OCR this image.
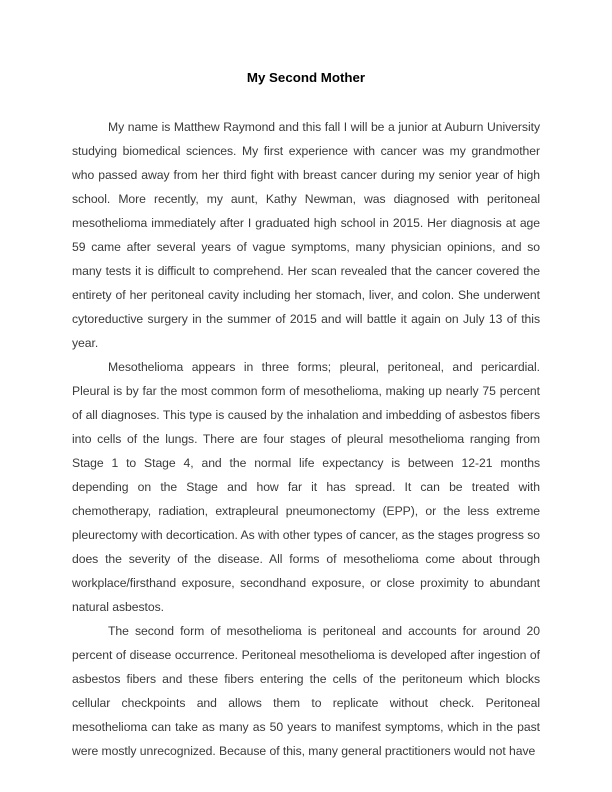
My Second Mother

My name is Matthew Raymond and this fall I will be a junior at Auburn University studying biomedical sciences. My first experience with cancer was my grandmother who passed away from her third fight with breast cancer during my senior year of high school. More recently, my aunt, Kathy Newman, was diagnosed with peritoneal mesothelioma immediately after I graduated high school in 2015. Her diagnosis at age 59 came after several years of vague symptoms, many physician opinions, and so many tests it is difficult to comprehend. Her scan revealed that the cancer covered the entirety of her peritoneal cavity including her stomach, liver, and colon. She underwent cytoreductive surgery in the summer of 2015 and will battle it again on July 13 of this year.

Mesothelioma appears in three forms; pleural, peritoneal, and pericardial. Pleural is by far the most common form of mesothelioma, making up nearly 75 percent of all diagnoses. This type is caused by the inhalation and imbedding of asbestos fibers into cells of the lungs. There are four stages of pleural mesothelioma ranging from Stage 1 to Stage 4, and the normal life expectancy is between 12-21 months depending on the Stage and how far it has spread. It can be treated with chemotherapy, radiation, extrapleural pneumonectomy (EPP), or the less extreme pleurectomy with decortication. As with other types of cancer, as the stages progress so does the severity of the disease. All forms of mesothelioma come about through workplace/firsthand exposure, secondhand exposure, or close proximity to abundant natural asbestos.

The second form of mesothelioma is peritoneal and accounts for around 20 percent of disease occurrence. Peritoneal mesothelioma is developed after ingestion of asbestos fibers and these fibers entering the cells of the peritoneum which blocks cellular checkpoints and allows them to replicate without check. Peritoneal mesothelioma can take as many as 50 years to manifest symptoms, which in the past were mostly unrecognized. Because of this, many general practitioners would not have
